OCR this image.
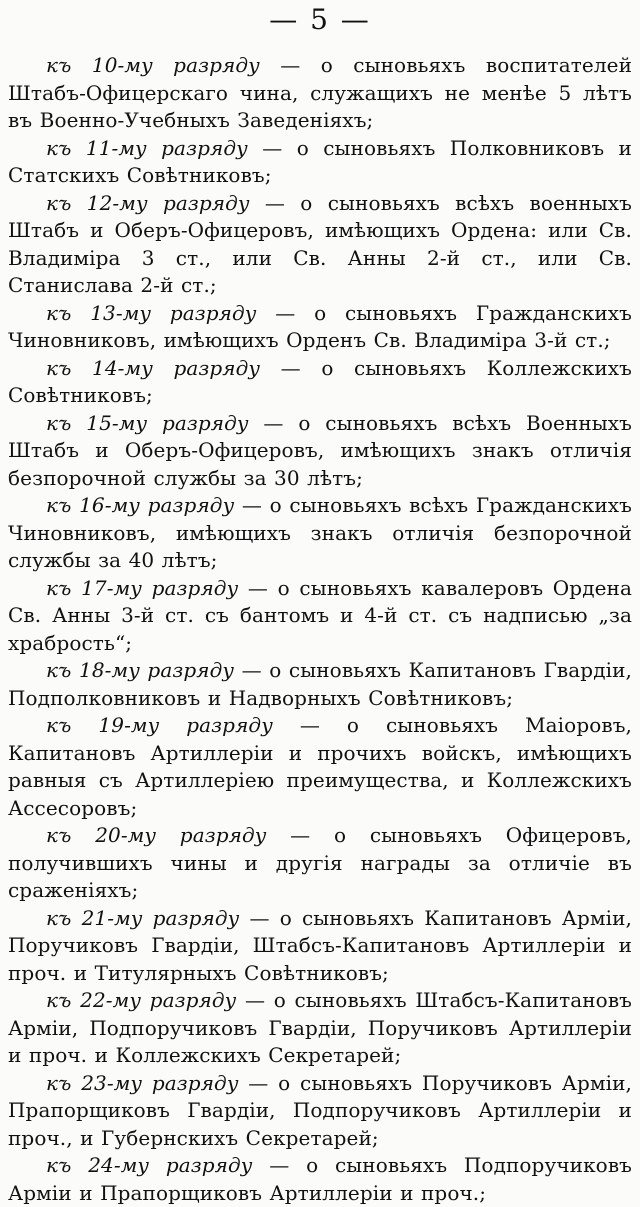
— 5 —

къ 10-му разряду — о сыновьяхъ воспитателей Штабъ-Офицерскаго чина, служащихъ не менѣе 5 лѣтъ въ Военно-Учебныхъ Заведеніяхъ;

къ 11-му разряду — о сыновьяхъ Полковниковъ и Статскихъ Совѣтниковъ;

къ 12-му разряду — о сыновьяхъ всѣхъ военныхъ Штабъ и Оберъ-Офицеровъ, имѣющихъ Ордена: или Св. Владиміра 3 ст., или Св. Анны 2-й ст., или Св. Станислава 2-й ст.;

къ 13-му разряду — о сыновьяхъ Гражданскихъ Чиновниковъ, имѣющихъ Орденъ Св. Владиміра 3-й ст.;

къ 14-му разряду — о сыновьяхъ Коллежскихъ Совѣтниковъ;

къ 15-му разряду — о сыновьяхъ всѣхъ Военныхъ Штабъ и Оберъ-Офицеровъ, имѣющихъ знакъ отличія безпорочной службы за 30 лѣтъ;

къ 16-му разряду — о сыновьяхъ всѣхъ Гражданскихъ Чиновниковъ, имѣющихъ знакъ отличія безпорочной службы за 40 лѣтъ;

къ 17-му разряду — о сыновьяхъ кавалеровъ Ордена Св. Анны 3-й ст. съ бантомъ и 4-й ст. съ надписью „за храбрость“;

къ 18-му разряду — о сыновьяхъ Капитановъ Гвардіи, Подполковниковъ и Надворныхъ Совѣтниковъ;

къ 19-му разряду — о сыновьяхъ Маіоровъ, Капитановъ Артиллеріи и прочихъ войскъ, имѣющихъ равныя съ Артиллеріею преимущества, и Коллежскихъ Ассесоровъ;

къ 20-му разряду — о сыновьяхъ Офицеровъ, получившихъ чины и другія награды за отличіе въ сраженіяхъ;

къ 21-му разряду — о сыновьяхъ Капитановъ Арміи, Поручиковъ Гвардіи, Штабсъ-Капитановъ Артиллеріи и проч. и Титулярныхъ Совѣтниковъ;

къ 22-му разряду — о сыновьяхъ Штабсъ-Капитановъ Арміи, Подпоручиковъ Гвардіи, Поручиковъ Артиллеріи и проч. и Коллежскихъ Секретарей;

къ 23-му разряду — о сыновьяхъ Поручиковъ Арміи, Прапорщиковъ Гвардіи, Подпоручиковъ Артиллеріи и проч., и Губернскихъ Секретарей;

къ 24-му разряду — о сыновьяхъ Подпоручиковъ Арміи и Прапорщиковъ Артиллеріи и проч.;
